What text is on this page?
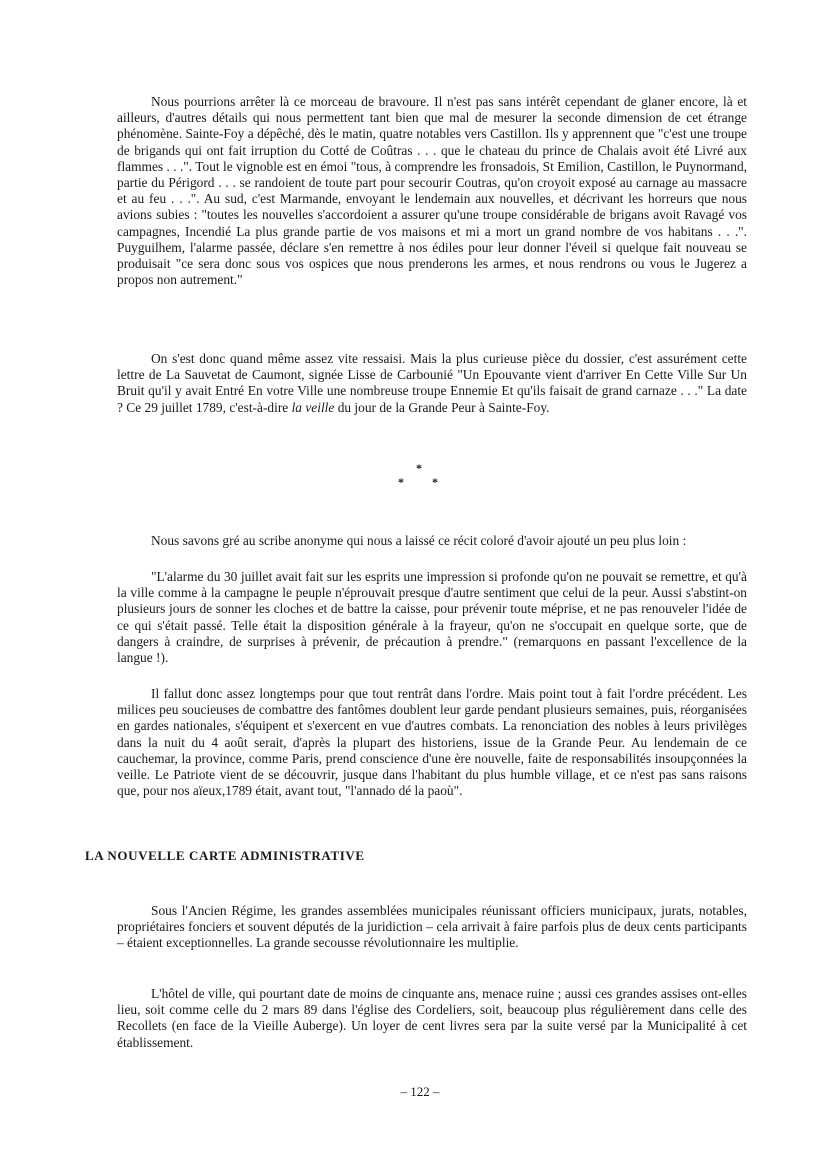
Nous pourrions arrêter là ce morceau de bravoure. Il n'est pas sans intérêt cependant de glaner encore, là et ailleurs, d'autres détails qui nous permettent tant bien que mal de mesurer la seconde dimension de cet étrange phénomène. Sainte-Foy a dépêché, dès le matin, quatre notables vers Castillon. Ils y apprennent que "c'est une troupe de brigands qui ont fait irruption du Cotté de Coûtras . . . que le chateau du prince de Chalais avoit été Livré aux flammes . . .". Tout le vignoble est en émoi "tous, à comprendre les fronsadois, St Emilion, Castillon, le Puynormand, partie du Périgord . . . se randoient de toute part pour secourir Coutras, qu'on croyoit exposé au carnage au massacre et au feu . . .". Au sud, c'est Marmande, envoyant le lendemain aux nouvelles, et décrivant les horreurs que nous avions subies : "toutes les nouvelles s'accordoient a assurer qu'une troupe considérable de brigans avoit Ravagé vos campagnes, Incendié La plus grande partie de vos maisons et mi a mort un grand nombre de vos habitans . . .". Puyguilhem, l'alarme passée, déclare s'en remettre à nos édiles pour leur donner l'éveil si quelque fait nouveau se produisait "ce sera donc sous vos ospices que nous prenderons les armes, et nous rendrons ou vous le Jugerez a propos non autrement."

On s'est donc quand même assez vite ressaisi. Mais la plus curieuse pièce du dossier, c'est assurément cette lettre de La Sauvetat de Caumont, signée Lisse de Carbounié "Un Epouvante vient d'arriver En Cette Ville Sur Un Bruit qu'il y avait Entré En votre Ville une nombreuse troupe Ennemie Et qu'ils faisait de grand carnaze . . ." La date ? Ce 29 juillet 1789, c'est-à-dire la veille du jour de la Grande Peur à Sainte-Foy.

*
* *

Nous savons gré au scribe anonyme qui nous a laissé ce récit coloré d'avoir ajouté un peu plus loin :

"L'alarme du 30 juillet avait fait sur les esprits une impression si profonde qu'on ne pouvait se remettre, et qu'à la ville comme à la campagne le peuple n'éprouvait presque d'autre sentiment que celui de la peur. Aussi s'abstint-on plusieurs jours de sonner les cloches et de battre la caisse, pour prévenir toute méprise, et ne pas renouveler l'idée de ce qui s'était passé. Telle était la disposition générale à la frayeur, qu'on ne s'occupait en quelque sorte, que de dangers à craindre, de surprises à prévenir, de précaution à prendre." (remarquons en passant l'excellence de la langue !).

Il fallut donc assez longtemps pour que tout rentrât dans l'ordre. Mais point tout à fait l'ordre précédent. Les milices peu soucieuses de combattre des fantômes doublent leur garde pendant plusieurs semaines, puis, réorganisées en gardes nationales, s'équipent et s'exercent en vue d'autres combats. La renonciation des nobles à leurs privilèges dans la nuit du 4 août serait, d'après la plupart des historiens, issue de la Grande Peur. Au lendemain de ce cauchemar, la province, comme Paris, prend conscience d'une ère nouvelle, faite de responsabilités insoupçonnées la veille. Le Patriote vient de se découvrir, jusque dans l'habitant du plus humble village, et ce n'est pas sans raisons que, pour nos aïeux,1789 était, avant tout, "l'annado dé la paoù".

LA NOUVELLE CARTE ADMINISTRATIVE

Sous l'Ancien Régime, les grandes assemblées municipales réunissant officiers municipaux, jurats, notables, propriétaires fonciers et souvent députés de la juridiction – cela arrivait à faire parfois plus de deux cents participants – étaient exceptionnelles. La grande secousse révolutionnaire les multiplie.

L'hôtel de ville, qui pourtant date de moins de cinquante ans, menace ruine ; aussi ces grandes assises ont-elles lieu, soit comme celle du 2 mars 89 dans l'église des Cordeliers, soit, beaucoup plus régulièrement dans celle des Recollets (en face de la Vieille Auberge). Un loyer de cent livres sera par la suite versé par la Municipalité à cet établissement.

– 122 –
